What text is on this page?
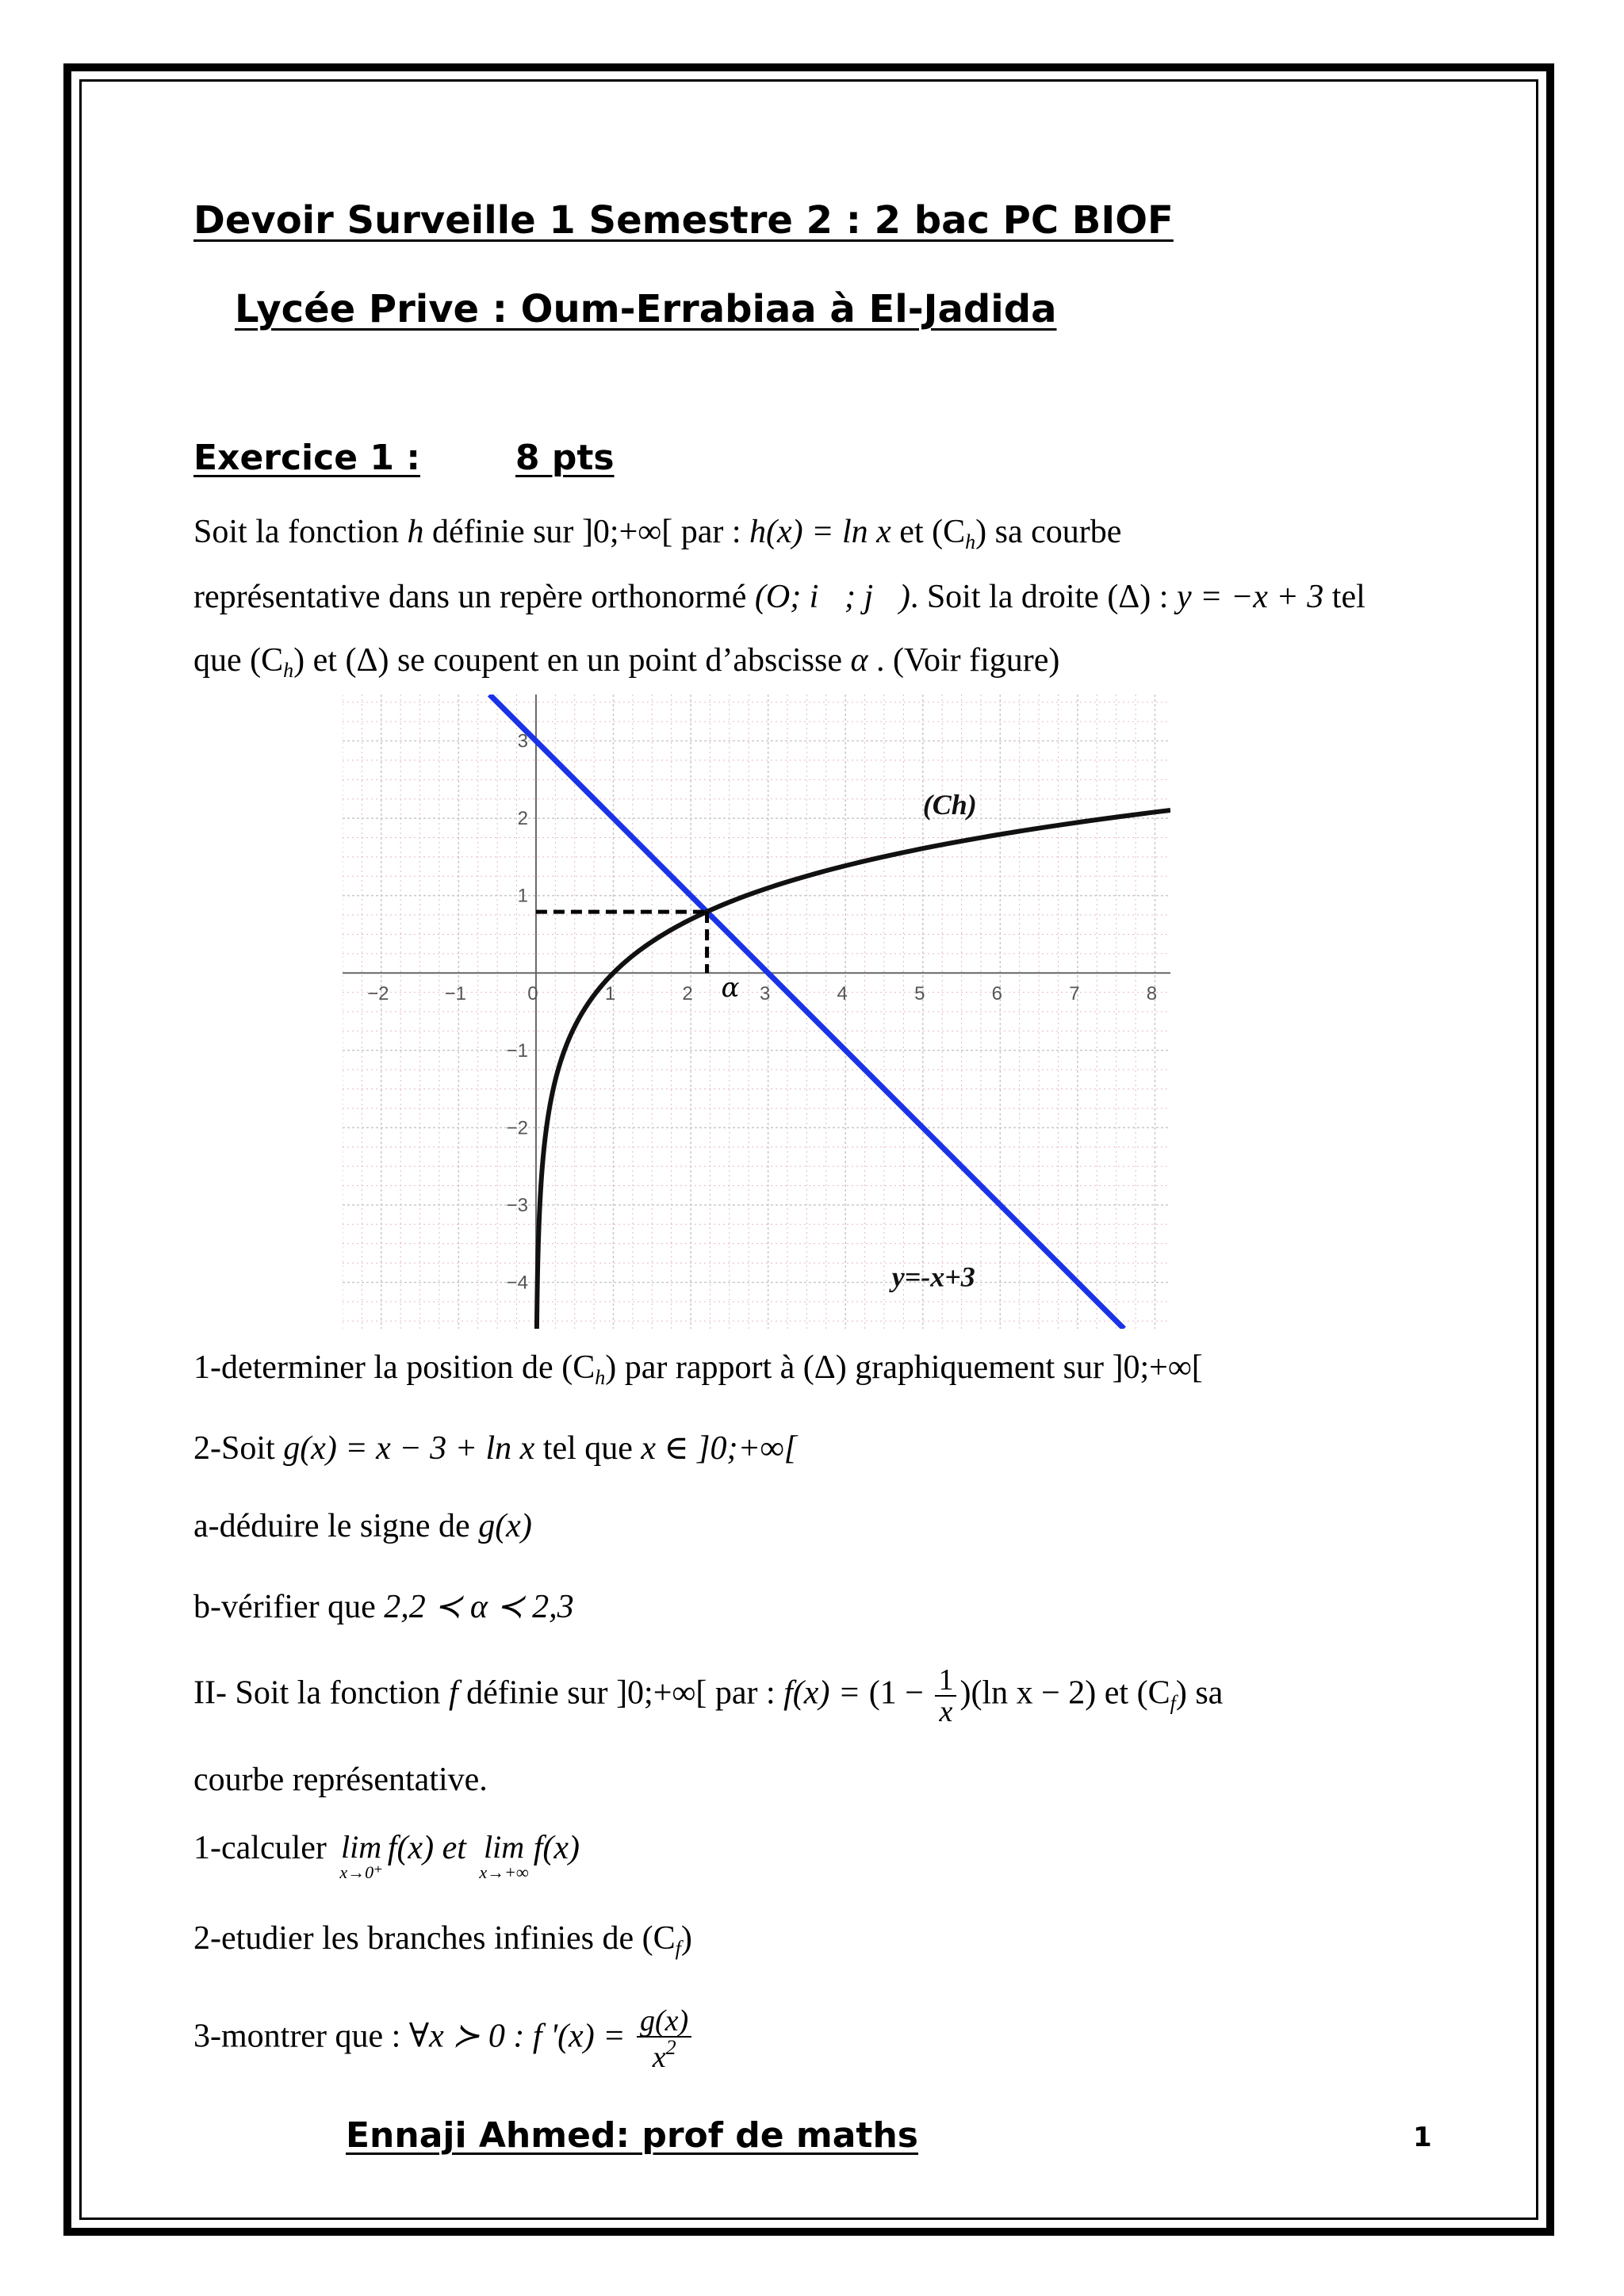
Devoir Surveille 1 Semestre 2 : 2 bac PC BIOF
Lycée Prive : Oum-Errabiaa à El-Jadida
Exercice 1 :	8 pts
Soit la fonction h définie sur ]0;+∞[ par : h(x) = ln x et $(C_h)$ sa courbe
représentative dans un repère orthonormé (O; i⃗; j⃗). Soit la droite (Δ) : y = −x + 3 tel
que $(C_h)$ et (Δ) se coupent en un point d’abscisse α . (Voir figure)
−2	−1	0	1	2	3	4	5	6	7	8
3
2
1
−1
−2
−3
−4
α
(Ch)
y=-x+3
1-determiner la position de $(C_h)$ par rapport à (Δ) graphiquement sur ]0;+∞[
2-Soit g(x) = x − 3 + ln x tel que x ∈ ]0;+∞[
a-déduire le signe de g(x)
b-vérifier que 2,2 ≺ α ≺ 2,3
II- Soit la fonction f définie sur ]0;+∞[ par : $f(x) = (1 - \frac{1}{x} )(\ln$ x − 2) et $(C_f)$ sa
courbe représentative.
1-calculer lim
x→0⁺
f(x) et lim
x→+∞
f(x)
2-etudier les branches infinies de $(C_f)$
3-montrer que : ∀x ≻ 0 : f '$(x) = \frac{g(x)}{x^2}$
Ennaji Ahmed: prof de maths	1
